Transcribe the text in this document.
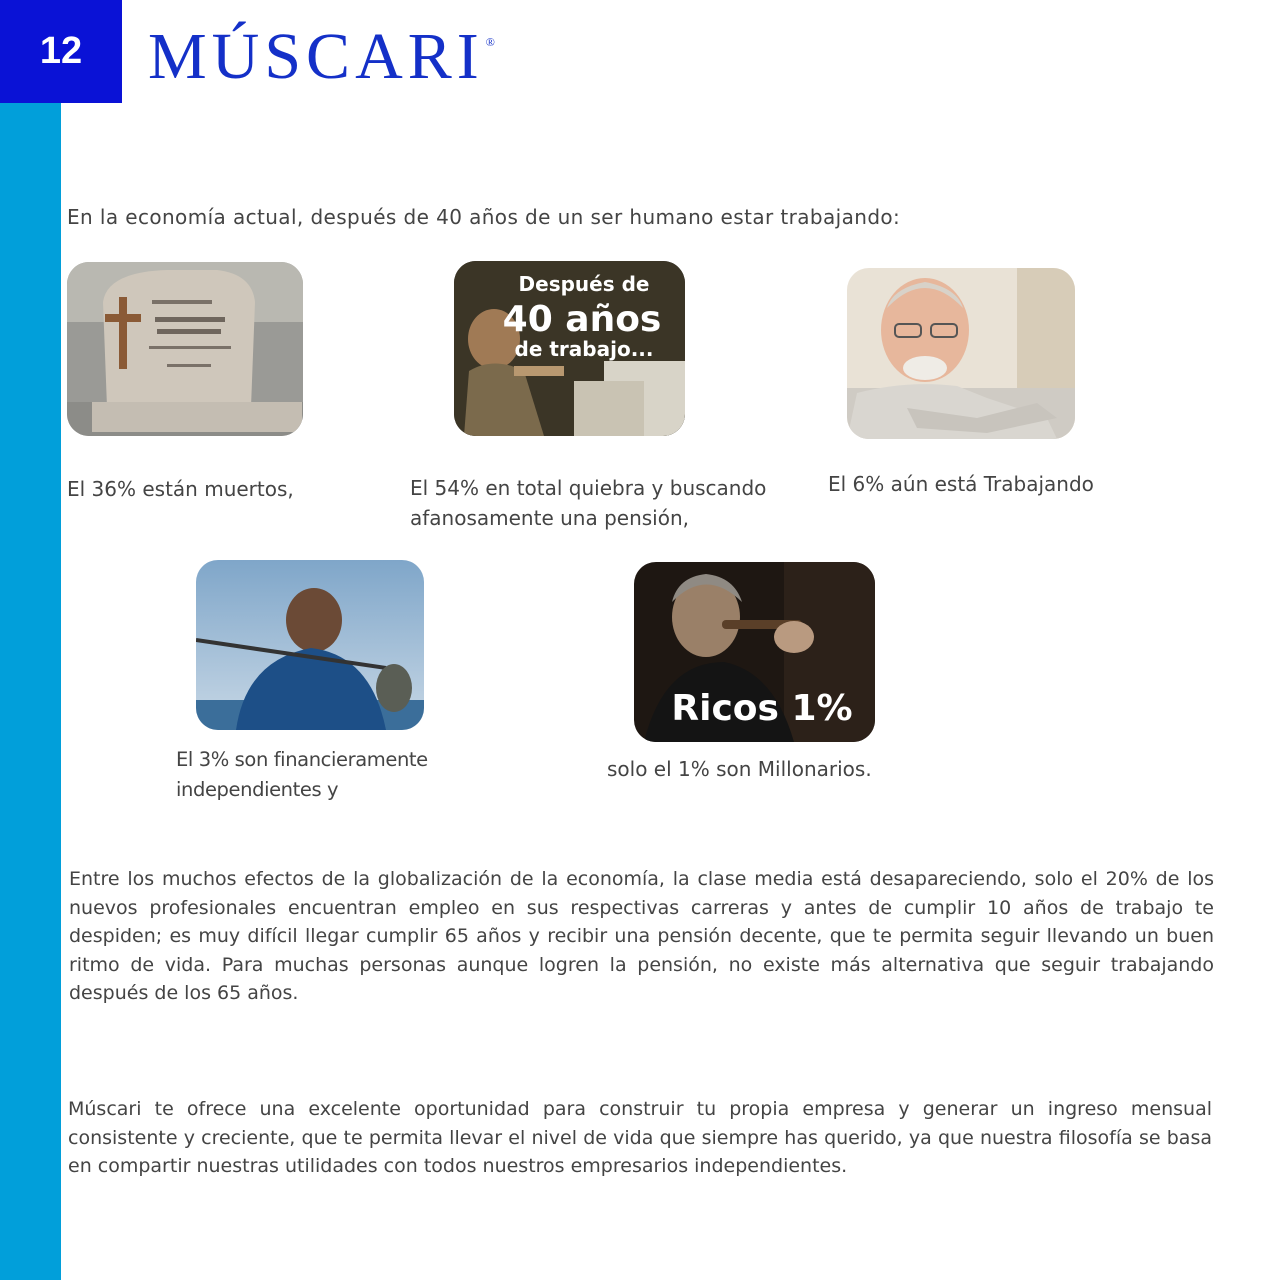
12 MÚSCARI ®
En la economía actual, después de 40 años de un ser humano estar trabajando:
Después de
40 años
de trabajo...
El 36% están muertos,	El 54% en total quiebra y buscando
afanosamente una pensión,
El 6% aún está Trabajando
Ricos 1%
El 3% son financieramente
independientes y
solo el 1% son Millonarios.
Entre los muchos efectos de la globalización de la economía, la clase media está desapareciendo, solo el 20% de los nuevos profesionales encuentran empleo en sus respectivas carreras y antes de cumplir 10 años de trabajo te despiden; es muy difícil llegar cumplir 65 años y recibir una pensión decente, que te permita seguir llevando un buen ritmo de vida. Para muchas personas aunque logren la pensión, no existe más alternativa que seguir trabajando después de los 65 años.
Múscari te ofrece una excelente oportunidad para construir tu propia empresa y generar un ingreso mensual consistente y creciente, que te permita llevar el nivel de vida que siempre has querido, ya que nuestra filosofía se basa en compartir nuestras utilidades con todos nuestros empresarios independientes.
